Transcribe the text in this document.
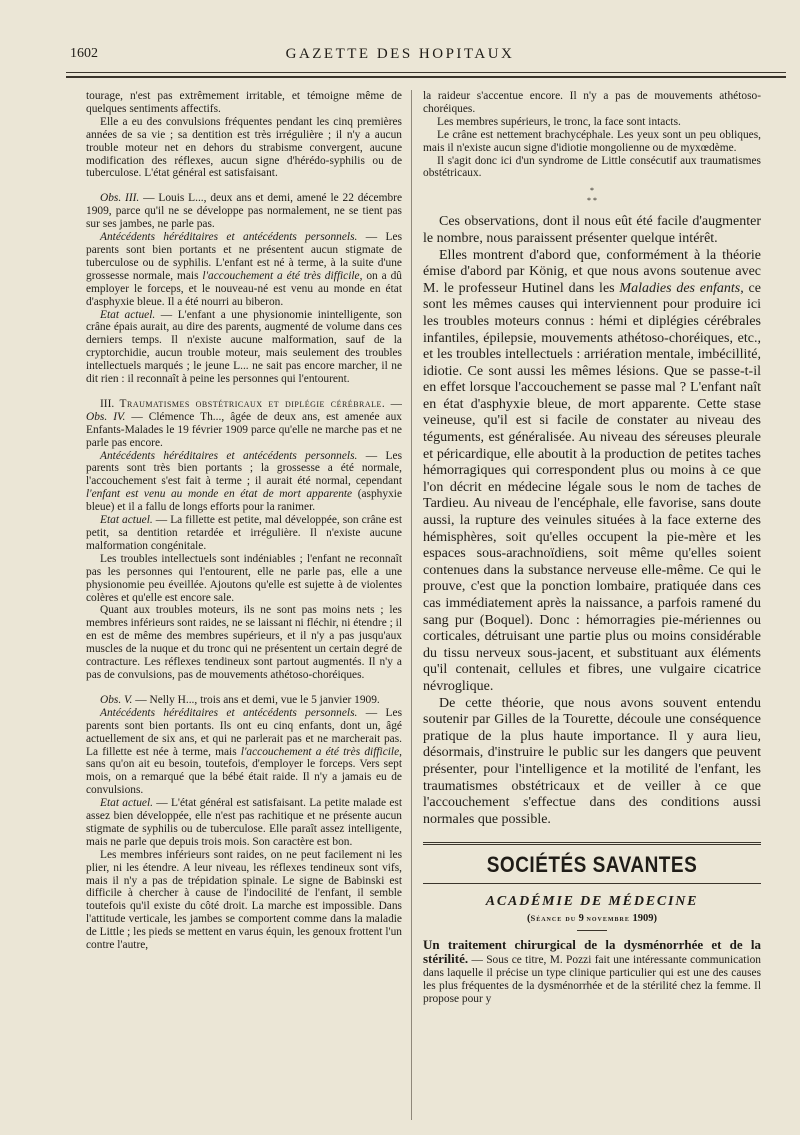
1602	GAZETTE DES HOPITAUX

tourage, n'est pas extrêmement irritable, et témoigne même de quelques sentiments affectifs.

Elle a eu des convulsions fréquentes pendant les cinq premières années de sa vie ; sa dentition est très irrégulière ; il n'y a aucun trouble moteur net en dehors du strabisme convergent, aucune modification des réflexes, aucun signe d'hérédo-syphilis ou de tuberculose. L'état général est satisfaisant.

Obs. III. — Louis L..., deux ans et demi, amené le 22 décembre 1909, parce qu'il ne se développe pas normalement, ne se tient pas sur ses jambes, ne parle pas.

Antécédents héréditaires et antécédents personnels. — Les parents sont bien portants et ne présentent aucun stigmate de tuberculose ou de syphilis. L'enfant est né à terme, à la suite d'une grossesse normale, mais l'accouchement a été très difficile, on a dû employer le forceps, et le nouveau-né est venu au monde en état d'asphyxie bleue. Il a été nourri au biberon.

Etat actuel. — L'enfant a une physionomie inintelligente, son crâne épais aurait, au dire des parents, augmenté de volume dans ces derniers temps. Il n'existe aucune malformation, sauf de la cryptorchidie, aucun trouble moteur, mais seulement des troubles intellectuels marqués ; le jeune L... ne sait pas encore marcher, il ne dit rien : il reconnaît à peine les personnes qui l'entourent.

III. Traumatismes obstétricaux et diplégie cérébrale. — Obs. IV. — Clémence Th..., âgée de deux ans, est amenée aux Enfants-Malades le 19 février 1909 parce qu'elle ne marche pas et ne parle pas encore.

Antécédents héréditaires et antécédents personnels. — Les parents sont très bien portants ; la grossesse a été normale, l'accouchement s'est fait à terme ; il aurait été normal, cependant l'enfant est venu au monde en état de mort apparente (asphyxie bleue) et il a fallu de longs efforts pour la ranimer.

Etat actuel. — La fillette est petite, mal développée, son crâne est petit, sa dentition retardée et irrégulière. Il n'existe aucune malformation congénitale.

Les troubles intellectuels sont indéniables ; l'enfant ne reconnaît pas les personnes qui l'entourent, elle ne parle pas, elle a une physionomie peu éveillée. Ajoutons qu'elle est sujette à de violentes colères et qu'elle est encore sale.

Quant aux troubles moteurs, ils ne sont pas moins nets ; les membres inférieurs sont raides, ne se laissant ni fléchir, ni étendre ; il en est de même des membres supérieurs, et il n'y a pas jusqu'aux muscles de la nuque et du tronc qui ne présentent un certain degré de contracture. Les réflexes tendineux sont partout augmentés. Il n'y a pas de convulsions, pas de mouvements athétoso-choréiques.

Obs. V. — Nelly H..., trois ans et demi, vue le 5 janvier 1909.

Antécédents héréditaires et antécédents personnels. — Les parents sont bien portants. Ils ont eu cinq enfants, dont un, âgé actuellement de six ans, et qui ne parlerait pas et ne marcherait pas. La fillette est née à terme, mais l'accouchement a été très difficile, sans qu'on ait eu besoin, toutefois, d'employer le forceps. Vers sept mois, on a remarqué que la bébé était raide. Il n'y a jamais eu de convulsions.

Etat actuel. — L'état général est satisfaisant. La petite malade est assez bien développée, elle n'est pas rachitique et ne présente aucun stigmate de syphilis ou de tuberculose. Elle paraît assez intelligente, mais ne parle que depuis trois mois. Son caractère est bon.

Les membres inférieurs sont raides, on ne peut facilement ni les plier, ni les étendre. A leur niveau, les réflexes tendineux sont vifs, mais il n'y a pas de trépidation spinale. Le signe de Babinski est difficile à chercher à cause de l'indocilité de l'enfant, il semble toutefois qu'il existe du côté droit. La marche est impossible. Dans l'attitude verticale, les jambes se comportent comme dans la maladie de Little ; les pieds se mettent en varus équin, les genoux frottent l'un contre l'autre,

la raideur s'accentue encore. Il n'y a pas de mouvements athétoso-choréiques.

Les membres supérieurs, le tronc, la face sont intacts.

Le crâne est nettement brachycéphale. Les yeux sont un peu obliques, mais il n'existe aucun signe d'idiotie mongolienne ou de myxœdème.

Il s'agit donc ici d'un syndrome de Little consécutif aux traumatismes obstétricaux.

*
* *

Ces observations, dont il nous eût été facile d'augmenter le nombre, nous paraissent présenter quelque intérêt.

Elles montrent d'abord que, conformément à la théorie émise d'abord par König, et que nous avons soutenue avec M. le professeur Hutinel dans les Maladies des enfants, ce sont les mêmes causes qui interviennent pour produire ici les troubles moteurs connus : hémi et diplégies cérébrales infantiles, épilepsie, mouvements athétoso-choréiques, etc., et les troubles intellectuels : arriération mentale, imbécillité, idiotie. Ce sont aussi les mêmes lésions. Que se passe-t-il en effet lorsque l'accouchement se passe mal ? L'enfant naît en état d'asphyxie bleue, de mort apparente. Cette stase veineuse, qu'il est si facile de constater au niveau des téguments, est généralisée. Au niveau des séreuses pleurale et péricardique, elle aboutit à la production de petites taches hémorragiques qui correspondent plus ou moins à ce que l'on décrit en médecine légale sous le nom de taches de Tardieu. Au niveau de l'encéphale, elle favorise, sans doute aussi, la rupture des veinules situées à la face externe des hémisphères, soit qu'elles occupent la pie-mère et les espaces sous-arachnoïdiens, soit même qu'elles soient contenues dans la substance nerveuse elle-même. Ce qui le prouve, c'est que la ponction lombaire, pratiquée dans ces cas immédiatement après la naissance, a parfois ramené du sang pur (Boquel). Donc : hémorragies pie-mériennes ou corticales, détruisant une partie plus ou moins considérable du tissu nerveux sous-jacent, et substituant aux éléments qu'il contenait, cellules et fibres, une vulgaire cicatrice névroglique.

De cette théorie, que nous avons souvent entendu soutenir par Gilles de la Tourette, découle une conséquence pratique de la plus haute importance. Il y aura lieu, désormais, d'instruire le public sur les dangers que peuvent présenter, pour l'intelligence et la motilité de l'enfant, les traumatismes obstétricaux et de veiller à ce que l'accouchement s'effectue dans des conditions aussi normales que possible.

SOCIÉTÉS SAVANTES
ACADÉMIE DE MÉDECINE
(Séance du 9 novembre 1909)

Un traitement chirurgical de la dysménorrhée et de la stérilité. — Sous ce titre, M. Pozzi fait une intéressante communication dans laquelle il précise un type clinique particulier qui est une des causes les plus fréquentes de la dysménorrhée et de la stérilité chez la femme. Il propose pour y
